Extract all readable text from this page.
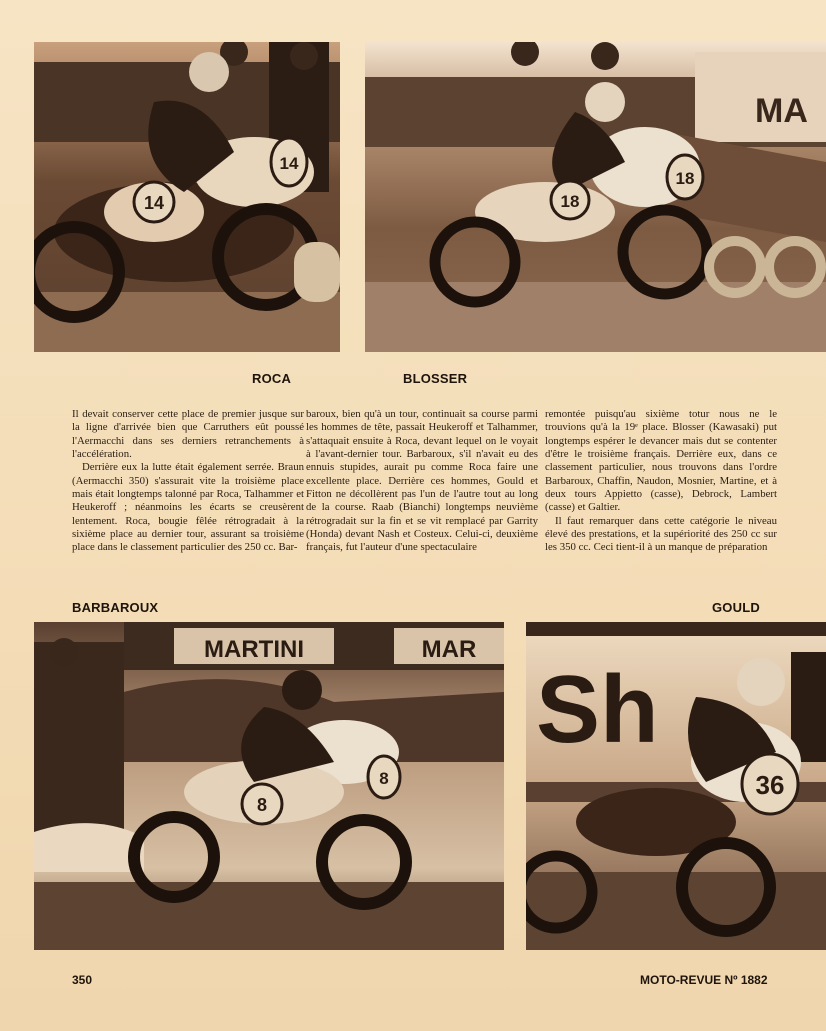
14
14
MA
18
18
ROCA	BLOSSER

Il devait conserver cette place de premier jusque sur la ligne d'arrivée bien que Carruthers eût poussé l'Aermacchi dans ses derniers retranchements à l'accélération.

Derrière eux la lutte était également serrée. Braun (Aermacchi 350) s'assurait vite la troisième place mais était longtemps talonné par Roca, Talhammer et Heukeroff ; néanmoins les écarts se creusèrent lentement. Roca, bougie fêlée rétrogradait à la sixième place au dernier tour, assurant sa troisième place dans le classement particulier des 250 cc. Bar-

baroux, bien qu'à un tour, continuait sa course parmi les hommes de tête, passait Heukeroff et Talhammer, s'attaquait ensuite à Roca, devant lequel on le voyait à l'avant-dernier tour. Barbaroux, s'il n'avait eu des ennuis stupides, aurait pu comme Roca faire une excellente place. Derrière ces hommes, Gould et Fitton ne décollèrent pas l'un de l'autre tout au long de la course. Raab (Bianchi) longtemps neuvième rétrogradait sur la fin et se vit remplacé par Garrity (Honda) devant Nash et Costeux. Celui-ci, deuxième français, fut l'auteur d'une spectaculaire

remontée puisqu'au sixième totur nous ne le trouvions qu'à la 19ᵉ place. Blosser (Kawasaki) put longtemps espérer le devancer mais dut se contenter d'être le troisième français. Derrière eux, dans ce classement particulier, nous trouvons dans l'ordre Barbaroux, Chaffin, Naudon, Mosnier, Martine, et à deux tours Appietto (casse), Debrock, Lambert (casse) et Galtier.

Il faut remarquer dans cette catégorie le niveau élevé des prestations, et la supériorité des 250 cc sur les 350 cc. Ceci tient-il à un manque de préparation

BARBAROUX	GOULD
MARTINI	MAR
8
8
Sh
36
350	MOTO-REVUE Nº 1882
